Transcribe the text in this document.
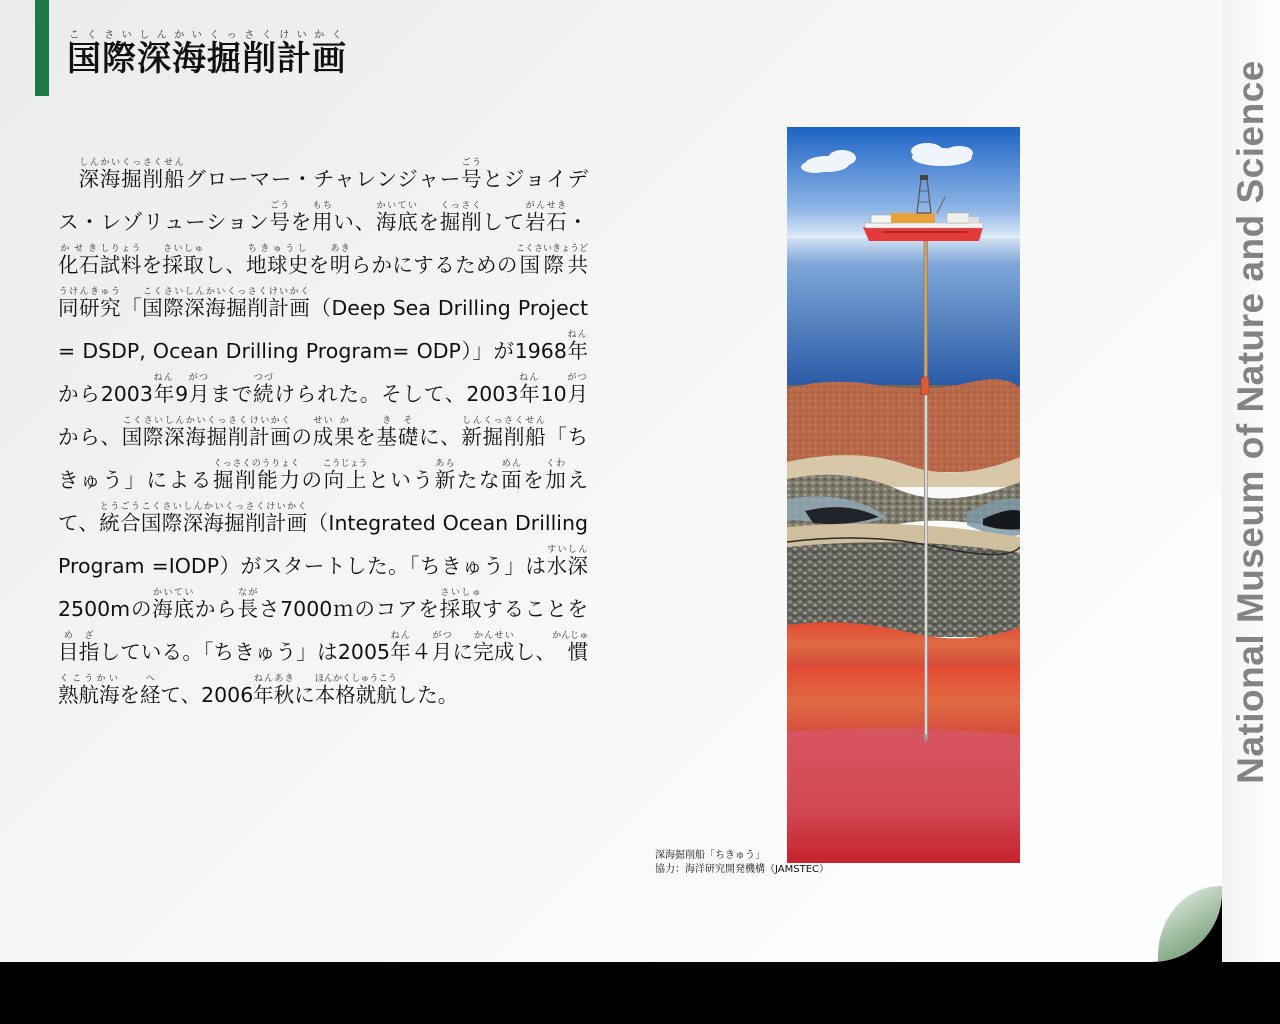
国こく際さい深しん海かい掘くっ削さく計けい画かく

深海掘削船しんかいくっさくせんグローマー・チャレンジャー号ごうとジョイデス・レゾリューション号ごうを用もちい、海底かいていを掘削くっさくして岩石がんせき・化石かせき試料しりょうを採取さいしゅし、地球史ちきゅうしを明あきらかにするための国際共同研究こくさいきょうどうけんきゅう「国際深海掘削計画こくさいしんかいくっさくけいかく（Deep Sea Drilling Project = DSDP, Ocean Drilling Program= ODP）」が1968年ねんから2003年ねん9月がつまで続つづけられた。そして、2003年ねん10月がつから、国際深海掘削こくさいしんかいくっさく計画けいかくの成せい果かを基き礎そに、新掘削船しんくっさくせん「ちきゅう」による掘削能力くっさくのうりょくの向上こうじょうという新あらたな面めんを加くわえて、統合とうごう国際深海掘削計画こくさいしんかいくっさくけいかく（Integrated Ocean Drilling Program =IODP）がスタートした。「ちきゅう」は水深すいしん2500mの海底かいていから長ながさ7000ｍのコアを採取さいしゅすることを目め指ざしている。「ちきゅう」は2005年ねん４月がつに完成かんせいし、慣熟航海かんじゅくこうかいを経へて、2006年秋ねんあきに本格就航ほんかくしゅうこうした。

深海掘削船「ちきゅう」
協力：海洋研究開発機構（JAMSTEC）

National Museum of Nature and Science
